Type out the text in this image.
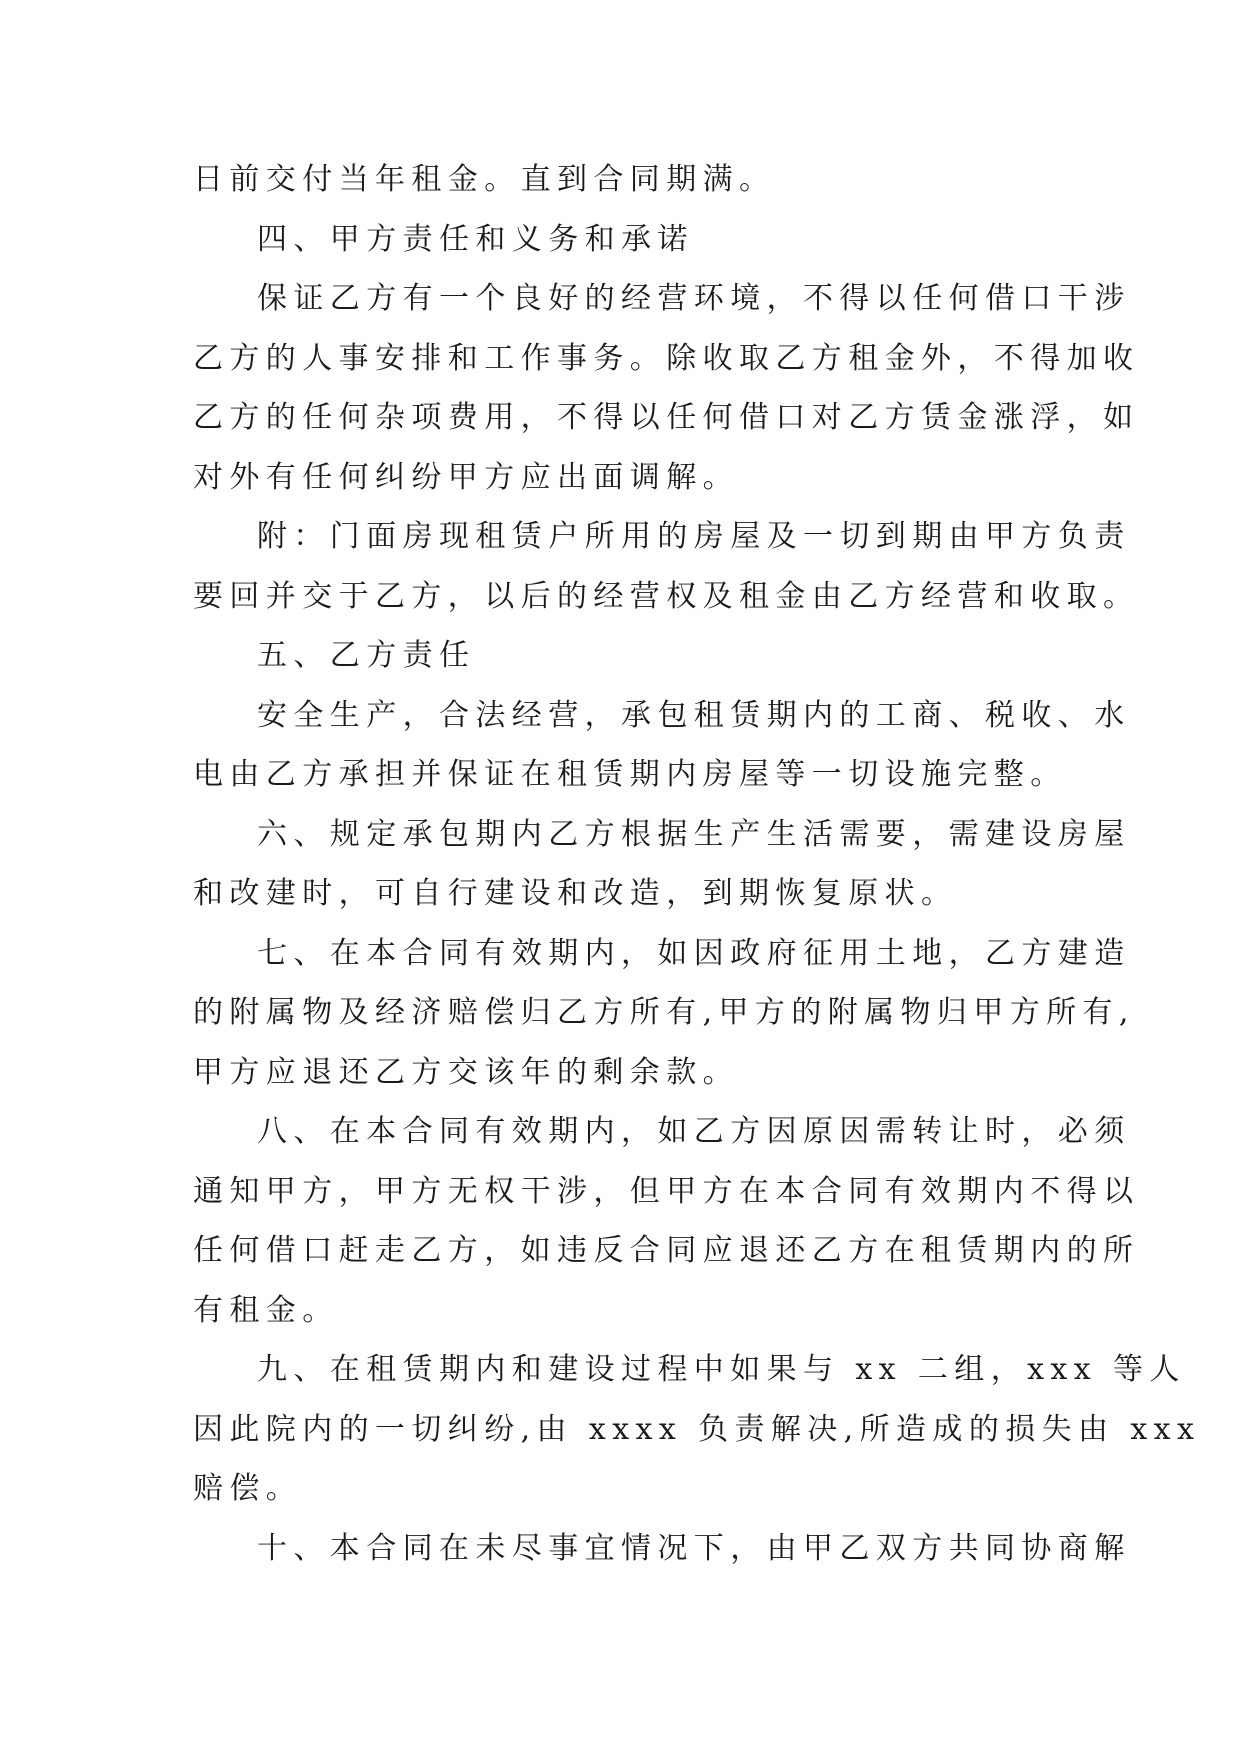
日前交付当年租金。直到合同期满。
四、甲方责任和义务和承诺
保证乙方有一个良好的经营环境，不得以任何借口干涉
乙方的人事安排和工作事务。除收取乙方租金外，不得加收
乙方的任何杂项费用，不得以任何借口对乙方赁金涨浮，如
对外有任何纠纷甲方应出面调解。
附：门面房现租赁户所用的房屋及一切到期由甲方负责
要回并交于乙方，以后的经营权及租金由乙方经营和收取。
五、乙方责任
安全生产，合法经营，承包租赁期内的工商、税收、水
电由乙方承担并保证在租赁期内房屋等一切设施完整。
六、规定承包期内乙方根据生产生活需要，需建设房屋
和改建时，可自行建设和改造，到期恢复原状。
七、在本合同有效期内，如因政府征用土地，乙方建造
的附属物及经济赔偿归乙方所有,甲方的附属物归甲方所有,
甲方应退还乙方交该年的剩余款。
八、在本合同有效期内，如乙方因原因需转让时，必须
通知甲方，甲方无权干涉，但甲方在本合同有效期内不得以
任何借口赶走乙方，如违反合同应退还乙方在租赁期内的所
有租金。
九、在租赁期内和建设过程中如果与 xx 二组，xxx 等人
因此院内的一切纠纷,由 xxxx 负责解决,所造成的损失由 xxx
赔偿。
十、本合同在未尽事宜情况下，由甲乙双方共同协商解
